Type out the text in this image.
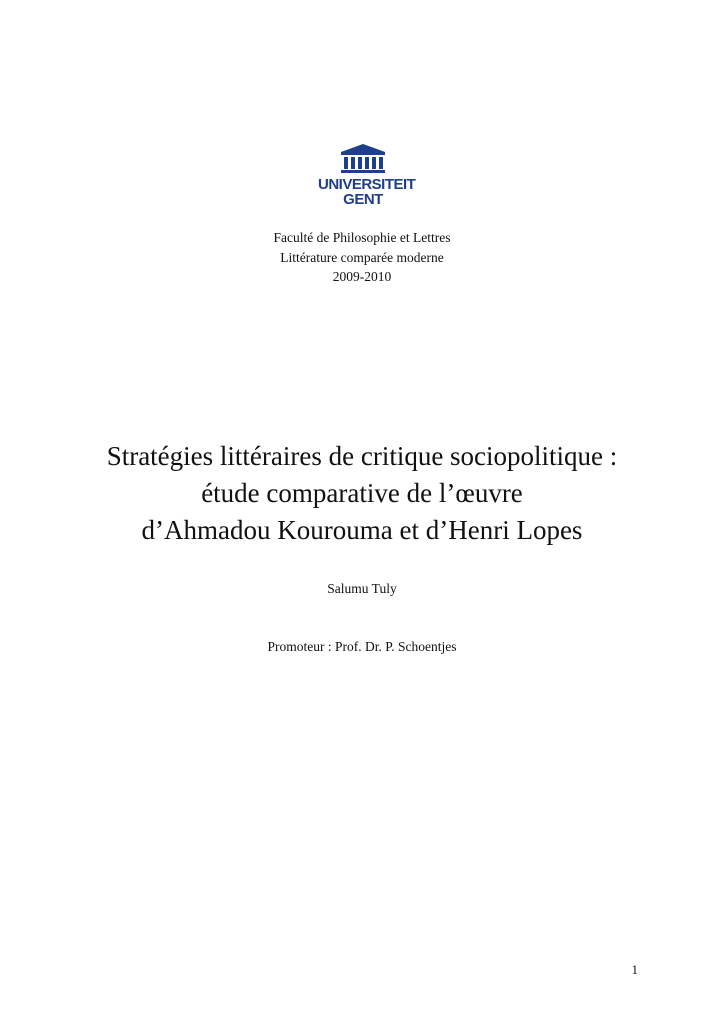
UNIVERSITEIT
GENT
Faculté de Philosophie et Lettres
Littérature comparée moderne
2009-2010
Stratégies littéraires de critique sociopolitique :
étude comparative de l’œuvre
d’Ahmadou Kourouma et d’Henri Lopes
Salumu Tuly
Promoteur : Prof. Dr. P. Schoentjes
1
